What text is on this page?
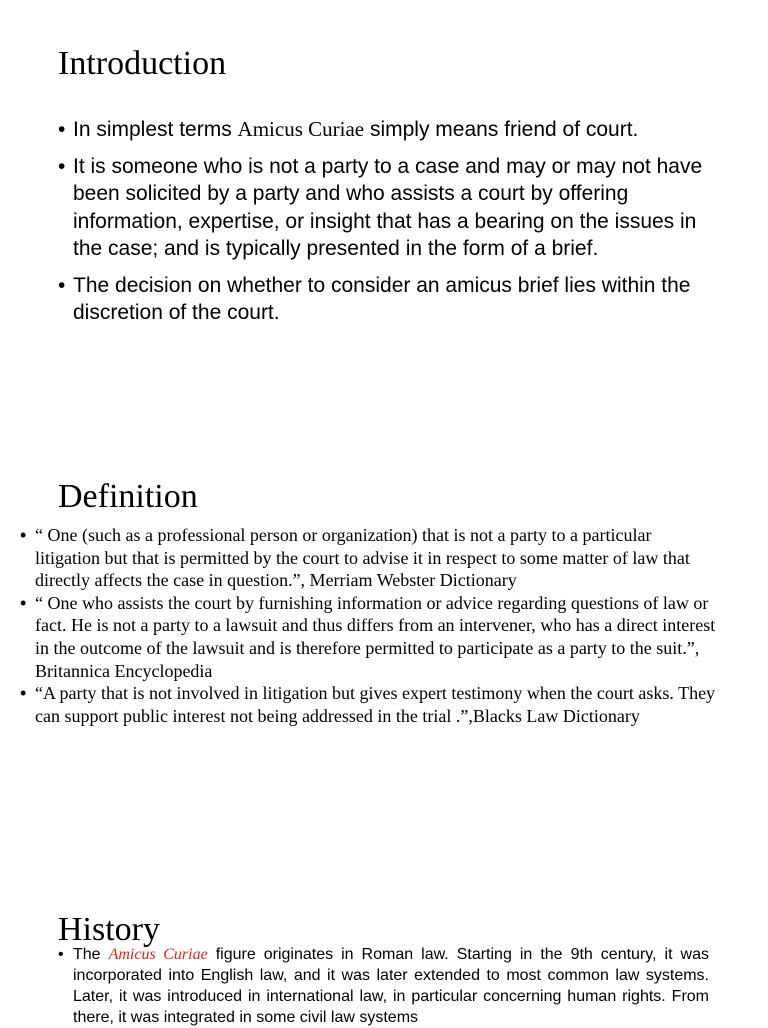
Introduction
• In simplest terms Amicus Curiae simply means friend of court.
• It is someone who is not a party to a case and may or may not have been solicited by a party and who assists a court by offering information, expertise, or insight that has a bearing on the issues in the case; and is typically presented in the form of a brief.
• The decision on whether to consider an amicus brief lies within the discretion of the court.
Definition
• “ One (such as a professional person or organization) that is not a party to a particular litigation but that is permitted by the court to advise it in respect to some matter of law that directly affects the case in question.”, Merriam Webster Dictionary
• “ One who assists the court by furnishing information or advice regarding questions of law or fact. He is not a party to a lawsuit and thus differs from an intervener, who has a direct interest in the outcome of the lawsuit and is therefore permitted to participate as a party to the suit.”, Britannica Encyclopedia
• “A party that is not involved in litigation but gives expert testimony when the court asks. They can support public interest not being addressed in the trial .”,Blacks Law Dictionary
History
• The Amicus Curiae figure originates in Roman law. Starting in the 9th century, it was incorporated into English law, and it was later extended to most common law systems. Later, it was introduced in international law, in particular concerning human rights. From there, it was integrated in some civil law systems
